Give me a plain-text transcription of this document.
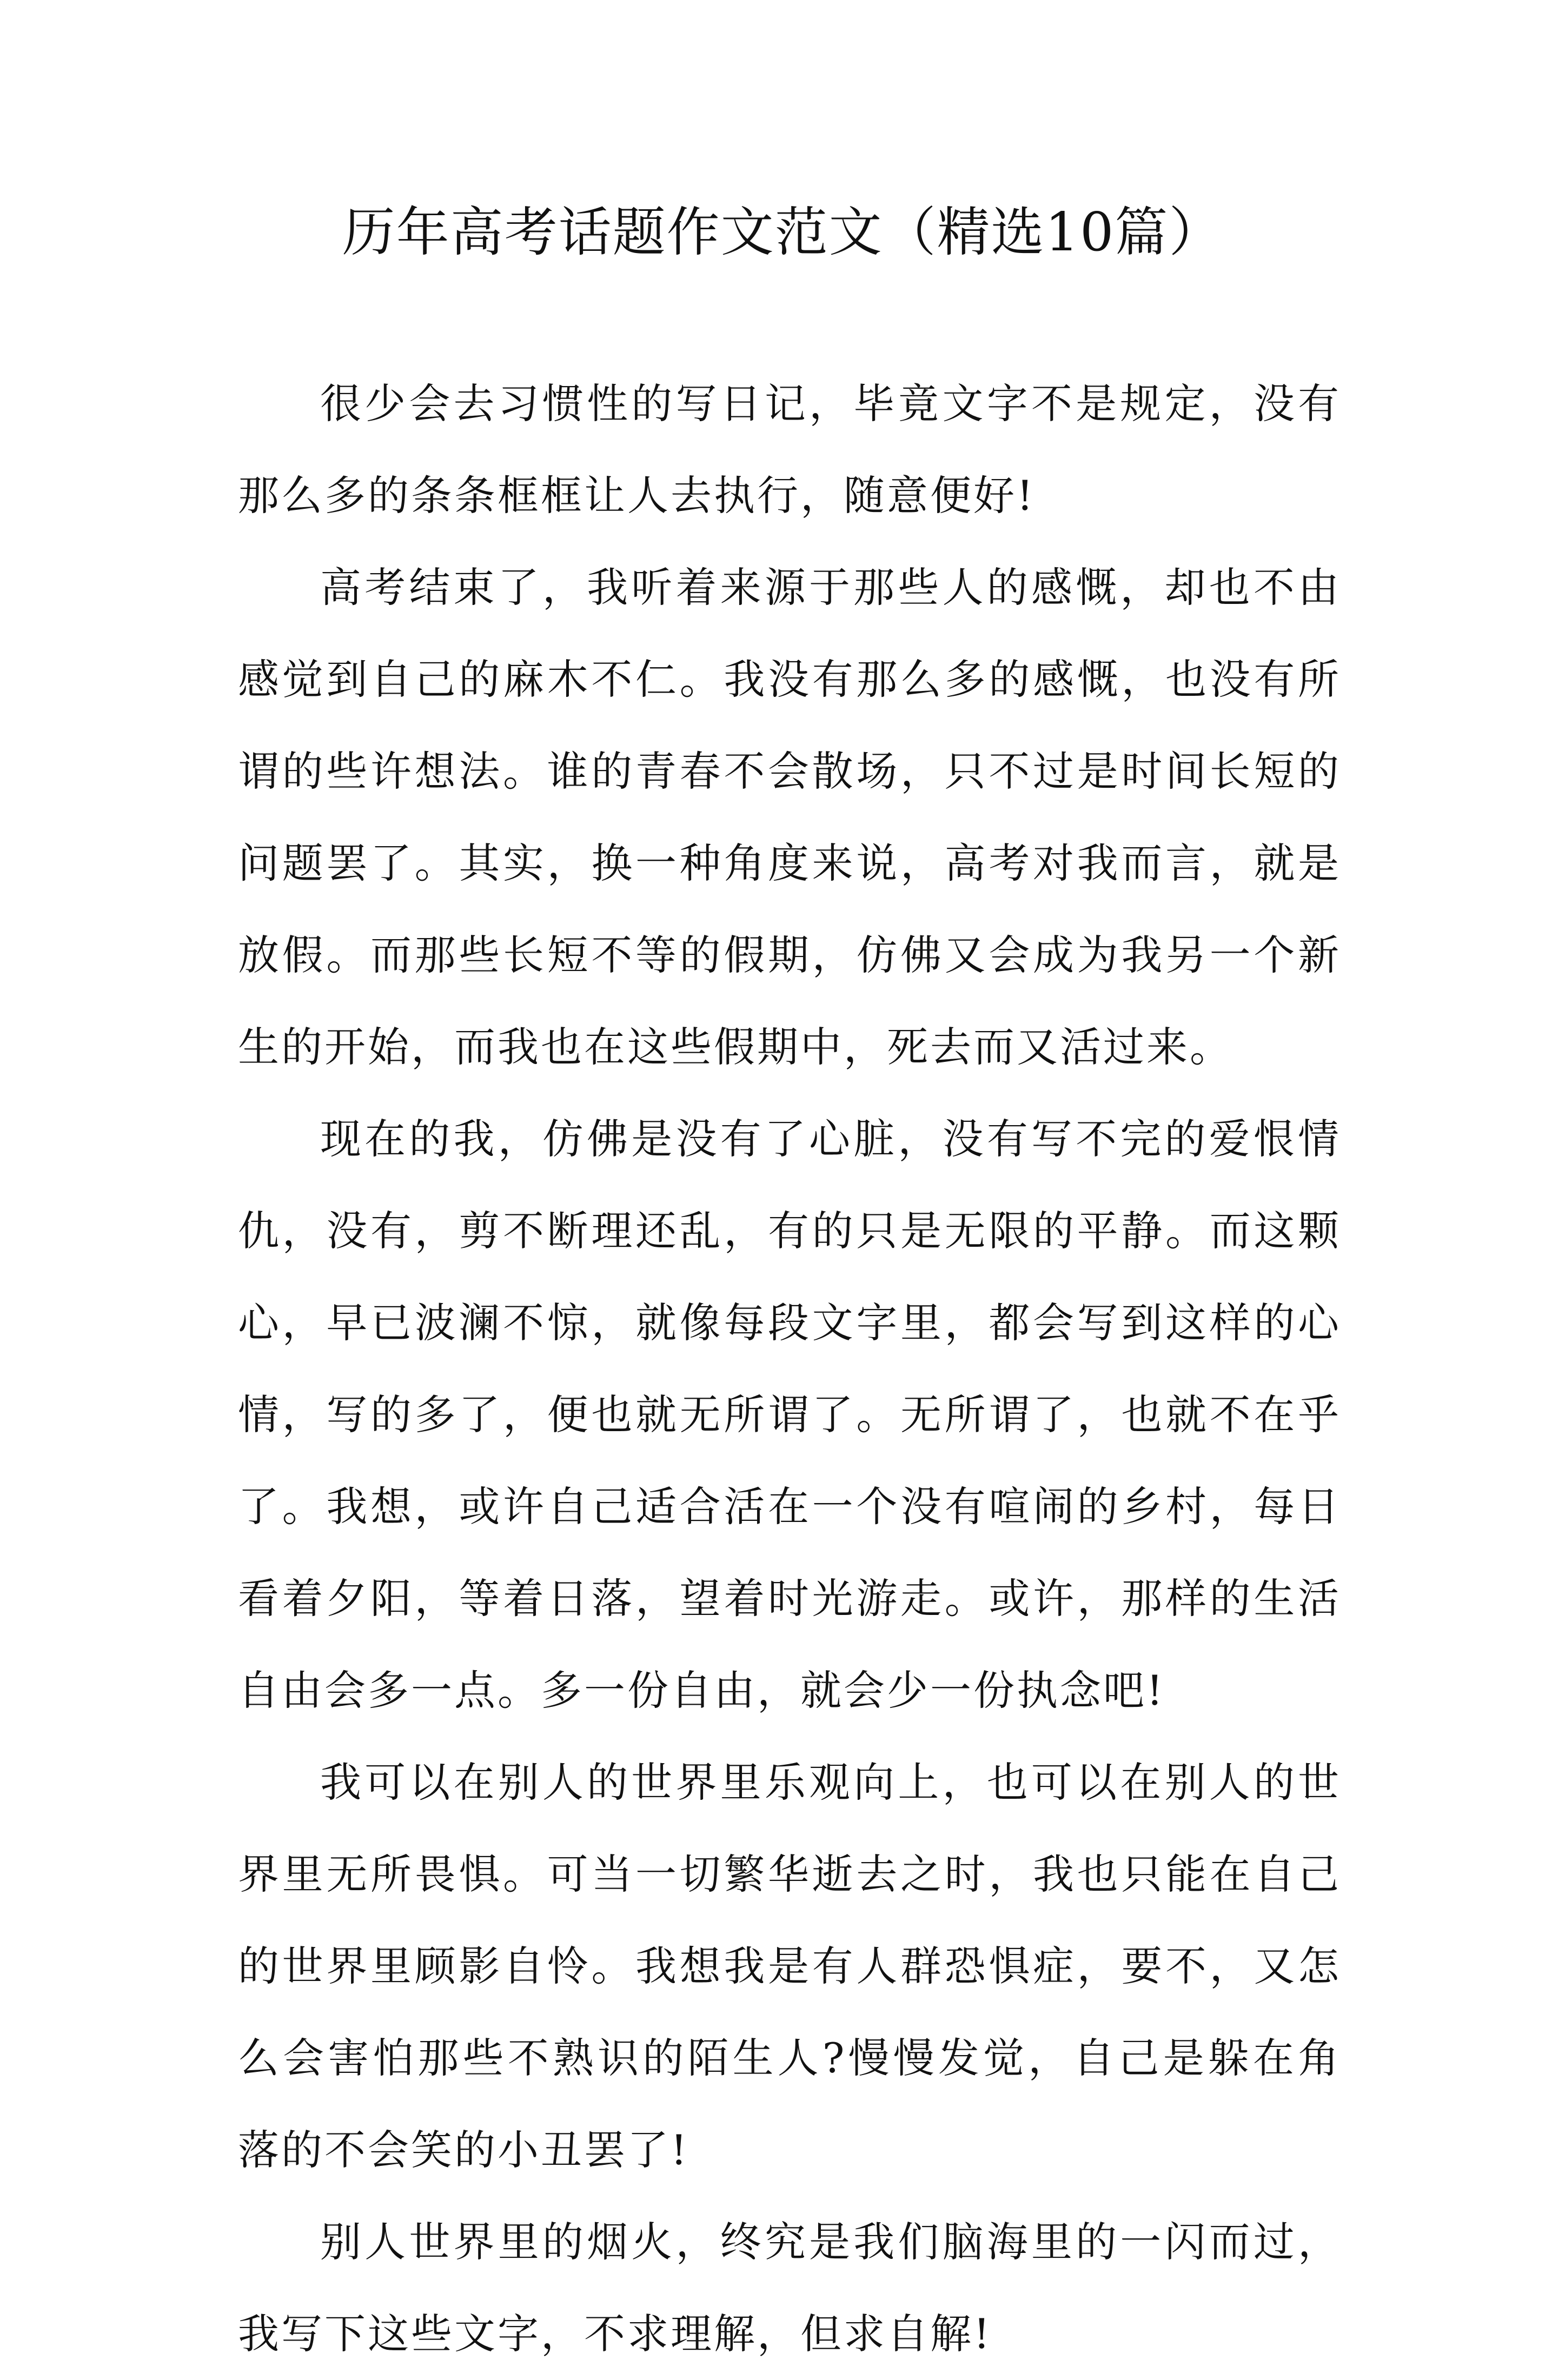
历年高考话题作文范文（精选10篇）

很少会去习惯性的写日记，毕竟文字不是规定，没有那么多的条条框框让人去执行，随意便好!

高考结束了，我听着来源于那些人的感慨，却也不由感觉到自己的麻木不仁。我没有那么多的感慨，也没有所谓的些许想法。谁的青春不会散场，只不过是时间长短的问题罢了。其实，换一种角度来说，高考对我而言，就是放假。而那些长短不等的假期，仿佛又会成为我另一个新生的开始，而我也在这些假期中，死去而又活过来。

现在的我，仿佛是没有了心脏，没有写不完的爱恨情仇，没有，剪不断理还乱，有的只是无限的平静。而这颗心，早已波澜不惊，就像每段文字里，都会写到这样的心情，写的多了，便也就无所谓了。无所谓了，也就不在乎了。我想，或许自己适合活在一个没有喧闹的乡村，每日看着夕阳，等着日落，望着时光游走。或许，那样的生活自由会多一点。多一份自由，就会少一份执念吧!

我可以在别人的世界里乐观向上，也可以在别人的世界里无所畏惧。可当一切繁华逝去之时，我也只能在自己的世界里顾影自怜。我想我是有人群恐惧症，要不，又怎么会害怕那些不熟识的陌生人?慢慢发觉，自己是躲在角落的不会笑的小丑罢了!

别人世界里的烟火，终究是我们脑海里的一闪而过，我写下这些文字，不求理解，但求自解!
